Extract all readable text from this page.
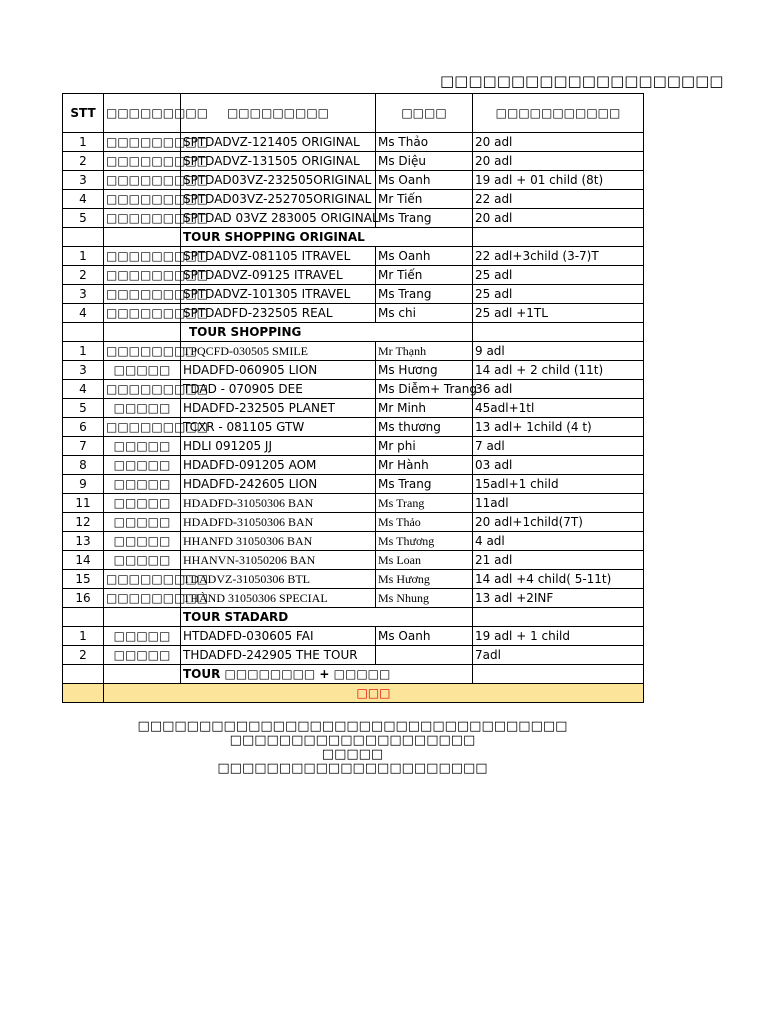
□□□□□□□□□□□□□□□□□□□□
STT	□□□□□□□□□	□□□□□□□□□	□□□□	□□□□□□□□□□□
1	□□□□□□□□□	SPTDADVZ-121405 ORIGINAL	Ms Thảo	20 adl
2	□□□□□□□□□	SPTDADVZ-131505 ORIGINAL	Ms Diệu	20 adl
3	□□□□□□□□□	SPTDAD03VZ-232505ORIGINAL	Ms Oanh	19 adl + 01 child (8t)
4	□□□□□□□□□	SPTDAD03VZ-252705ORIGINAL	Mr Tiến	22 adl
5	□□□□□□□□□	SPTDAD 03VZ 283005 ORIGINAL	Ms Trang	20 adl
		TOUR SHOPPING ORIGINAL		
1	□□□□□□□□□	SPTDADVZ-081105 ITRAVEL	Ms Oanh	22 adl+3child (3-7)T
2	□□□□□□□□□	SPTDADVZ-09125 ITRAVEL	Mr Tiến	25 adl
3	□□□□□□□□□	SPTDADVZ-101305 ITRAVEL	Ms Trang	25 adl
4	□□□□□□□□□	SPTDADFD-232505 REAL	Ms chi	25 adl +1TL
		TOUR SHOPPING		
1	□□□□□□□□	TPQCFD-030505 SMILE	Mr Thạnh	9 adl
3	□□□□□	HDADFD-060905 LION	Ms Hương	14 adl + 2 child (11t)
4	□□□□□□□□□	TDAD - 070905 DEE	Ms Diễm+ Trang	36 adl
5	□□□□□	HDADFD-232505 PLANET	Mr Minh	45adl+1tl
6	□□□□□□□□□	TCXR - 081105 GTW	Ms thương	13 adl+ 1child (4 t)
7	□□□□□	HDLI 091205 JJ	Mr phi	7 adl
8	□□□□□	HDADFD-091205 AOM	Mr Hành	03 adl
9	□□□□□	HDADFD-242605 LION	Ms Trang	15adl+1 child
11	□□□□□	HDADFD-31050306 BAN	Ms Trang	11adl
12	□□□□□	HDADFD-31050306 BAN	Ms Thảo	20 adl+1child(7T)
13	□□□□□	HHANFD 31050306 BAN	Ms Thương	4 adl
14	□□□□□	HHANVN-31050206 BAN	Ms Loan	21 adl
15	□□□□□□□□□	TDADVZ-31050306 BTL	Ms Hương	14 adl +4 child( 5-11t)
16	□□□□□□□□□	THÀND 31050306 SPECIAL	Ms Nhung	13 adl +2INF
		TOUR STADARD		
1	□□□□□	HTDADFD-030605 FAI	Ms Oanh	19 adl + 1 child
2	□□□□□	THDADFD-242905 THE TOUR		7adl
		TOUR □□□□□□□□ + □□□□□		
	□□□			
□□□□□□□□□□□□□□□□□□□□□□□□□□□□□□□□□□□
□□□□□□□□□□□□□□□□□□□□
□□□□□
□□□□□□□□□□□□□□□□□□□□□□
